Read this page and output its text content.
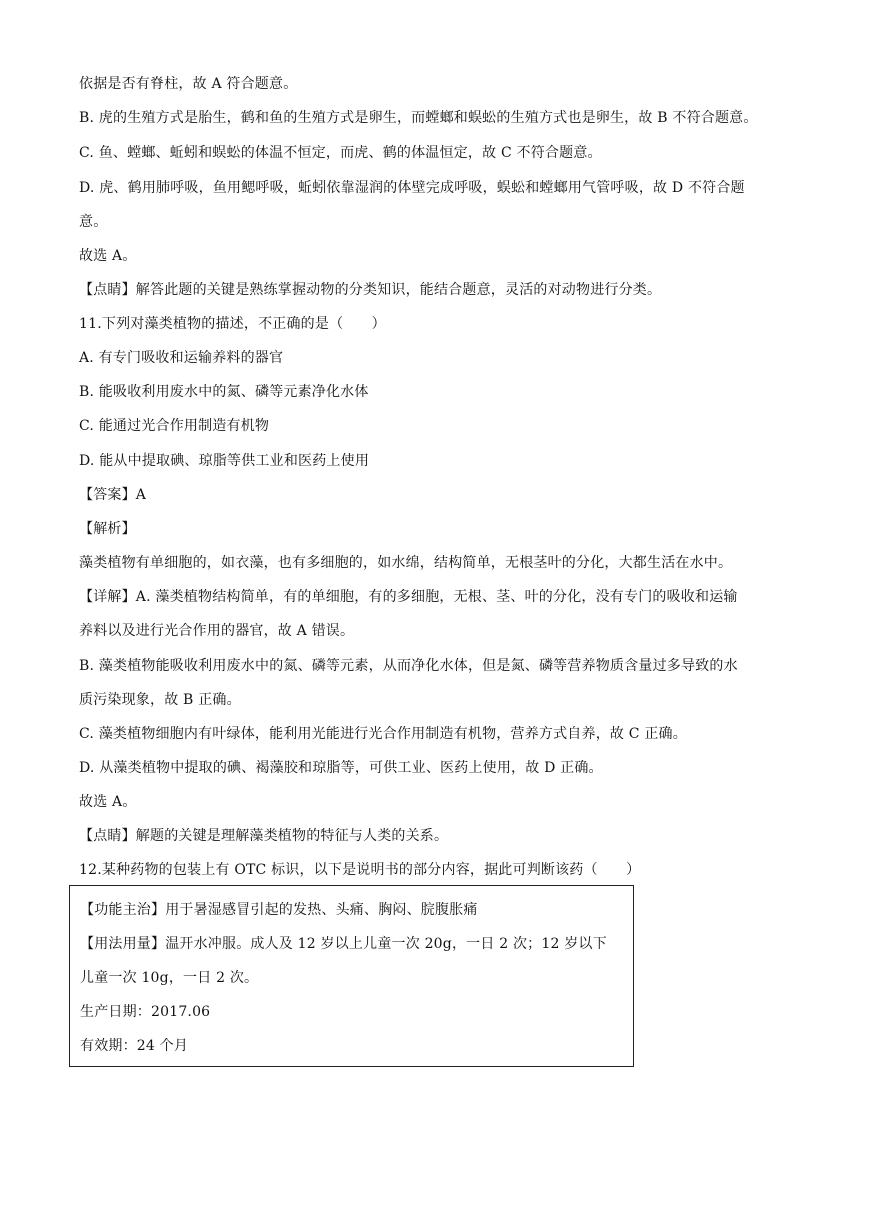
依据是否有脊柱，故 A 符合题意。
B. 虎的生殖方式是胎生，鹤和鱼的生殖方式是卵生，而螳螂和蜈蚣的生殖方式也是卵生，故 B 不符合题意。
C. 鱼、螳螂、蚯蚓和蜈蚣的体温不恒定，而虎、鹤的体温恒定，故 C 不符合题意。
D. 虎、鹤用肺呼吸，鱼用鳃呼吸，蚯蚓依靠湿润的体壁完成呼吸，蜈蚣和螳螂用气管呼吸，故 D 不符合题
意。
故选 A。
【点睛】解答此题的关键是熟练掌握动物的分类知识，能结合题意，灵活的对动物进行分类。
11.下列对藻类植物的描述，不正确的是（　　）
A. 有专门吸收和运输养料的器官
B. 能吸收利用废水中的氮、磷等元素净化水体
C. 能通过光合作用制造有机物
D. 能从中提取碘、琼脂等供工业和医药上使用
【答案】A
【解析】
藻类植物有单细胞的，如衣藻，也有多细胞的，如水绵，结构简单，无根茎叶的分化，大都生活在水中。
【详解】A. 藻类植物结构简单，有的单细胞，有的多细胞，无根、茎、叶的分化，没有专门的吸收和运输
养料以及进行光合作用的器官，故 A 错误。
B. 藻类植物能吸收利用废水中的氮、磷等元素，从而净化水体，但是氮、磷等营养物质含量过多导致的水
质污染现象，故 B 正确。
C. 藻类植物细胞内有叶绿体，能利用光能进行光合作用制造有机物，营养方式自养，故 C 正确。
D. 从藻类植物中提取的碘、褐藻胶和琼脂等，可供工业、医药上使用，故 D 正确。
故选 A。
【点睛】解题的关键是理解藻类植物的特征与人类的关系。
12.某种药物的包装上有 OTC 标识，以下是说明书的部分内容，据此可判断该药（　　）
【功能主治】用于暑湿感冒引起的发热、头痛、胸闷、脘腹胀痛
【用法用量】温开水冲服。成人及 12 岁以上儿童一次 20g，一日 2 次；12 岁以下
儿童一次 10g，一日 2 次。
生产日期：2017.06
有效期：24 个月
